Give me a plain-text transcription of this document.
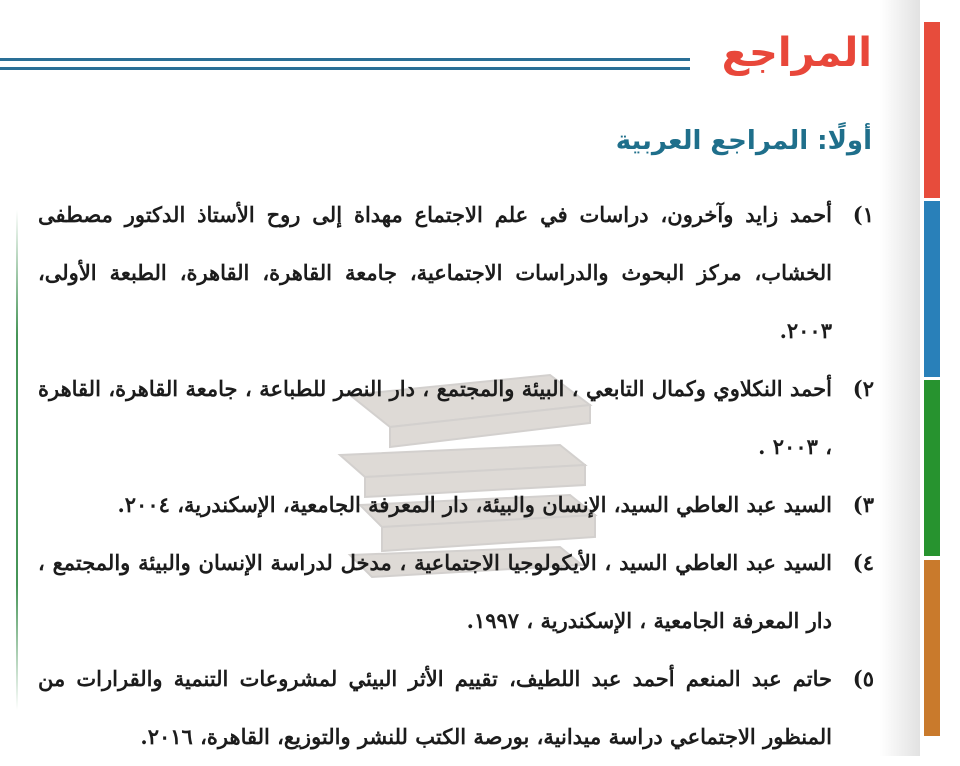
المراجع
أولًا: المراجع العربية
١)
أحمد زايد وآخرون، دراسات في علم الاجتماع مهداة إلى روح الأستاذ الدكتور مصطفى الخشاب، مركز البحوث والدراسات الاجتماعية، جامعة القاهرة، القاهرة، الطبعة الأولى، ٢٠٠٣.
٢)
أحمد النكلاوي وكمال التابعي ، البيئة والمجتمع ، دار النصر للطباعة ، جامعة القاهرة، القاهرة ، ٢٠٠٣ .
٣)
السيد عبد العاطي السيد، الإنسان والبيئة، دار المعرفة الجامعية، الإسكندرية، ٢٠٠٤.
٤)
السيد عبد العاطي السيد ، الأيكولوجيا الاجتماعية ، مدخل لدراسة الإنسان والبيئة والمجتمع ، دار المعرفة الجامعية ، الإسكندرية ، ١٩٩٧.
٥)
حاتم عبد المنعم أحمد عبد اللطيف، تقييم الأثر البيئي لمشروعات التنمية والقرارات من المنظور الاجتماعي دراسة ميدانية، بورصة الكتب للنشر والتوزيع، القاهرة، ٢٠١٦.
